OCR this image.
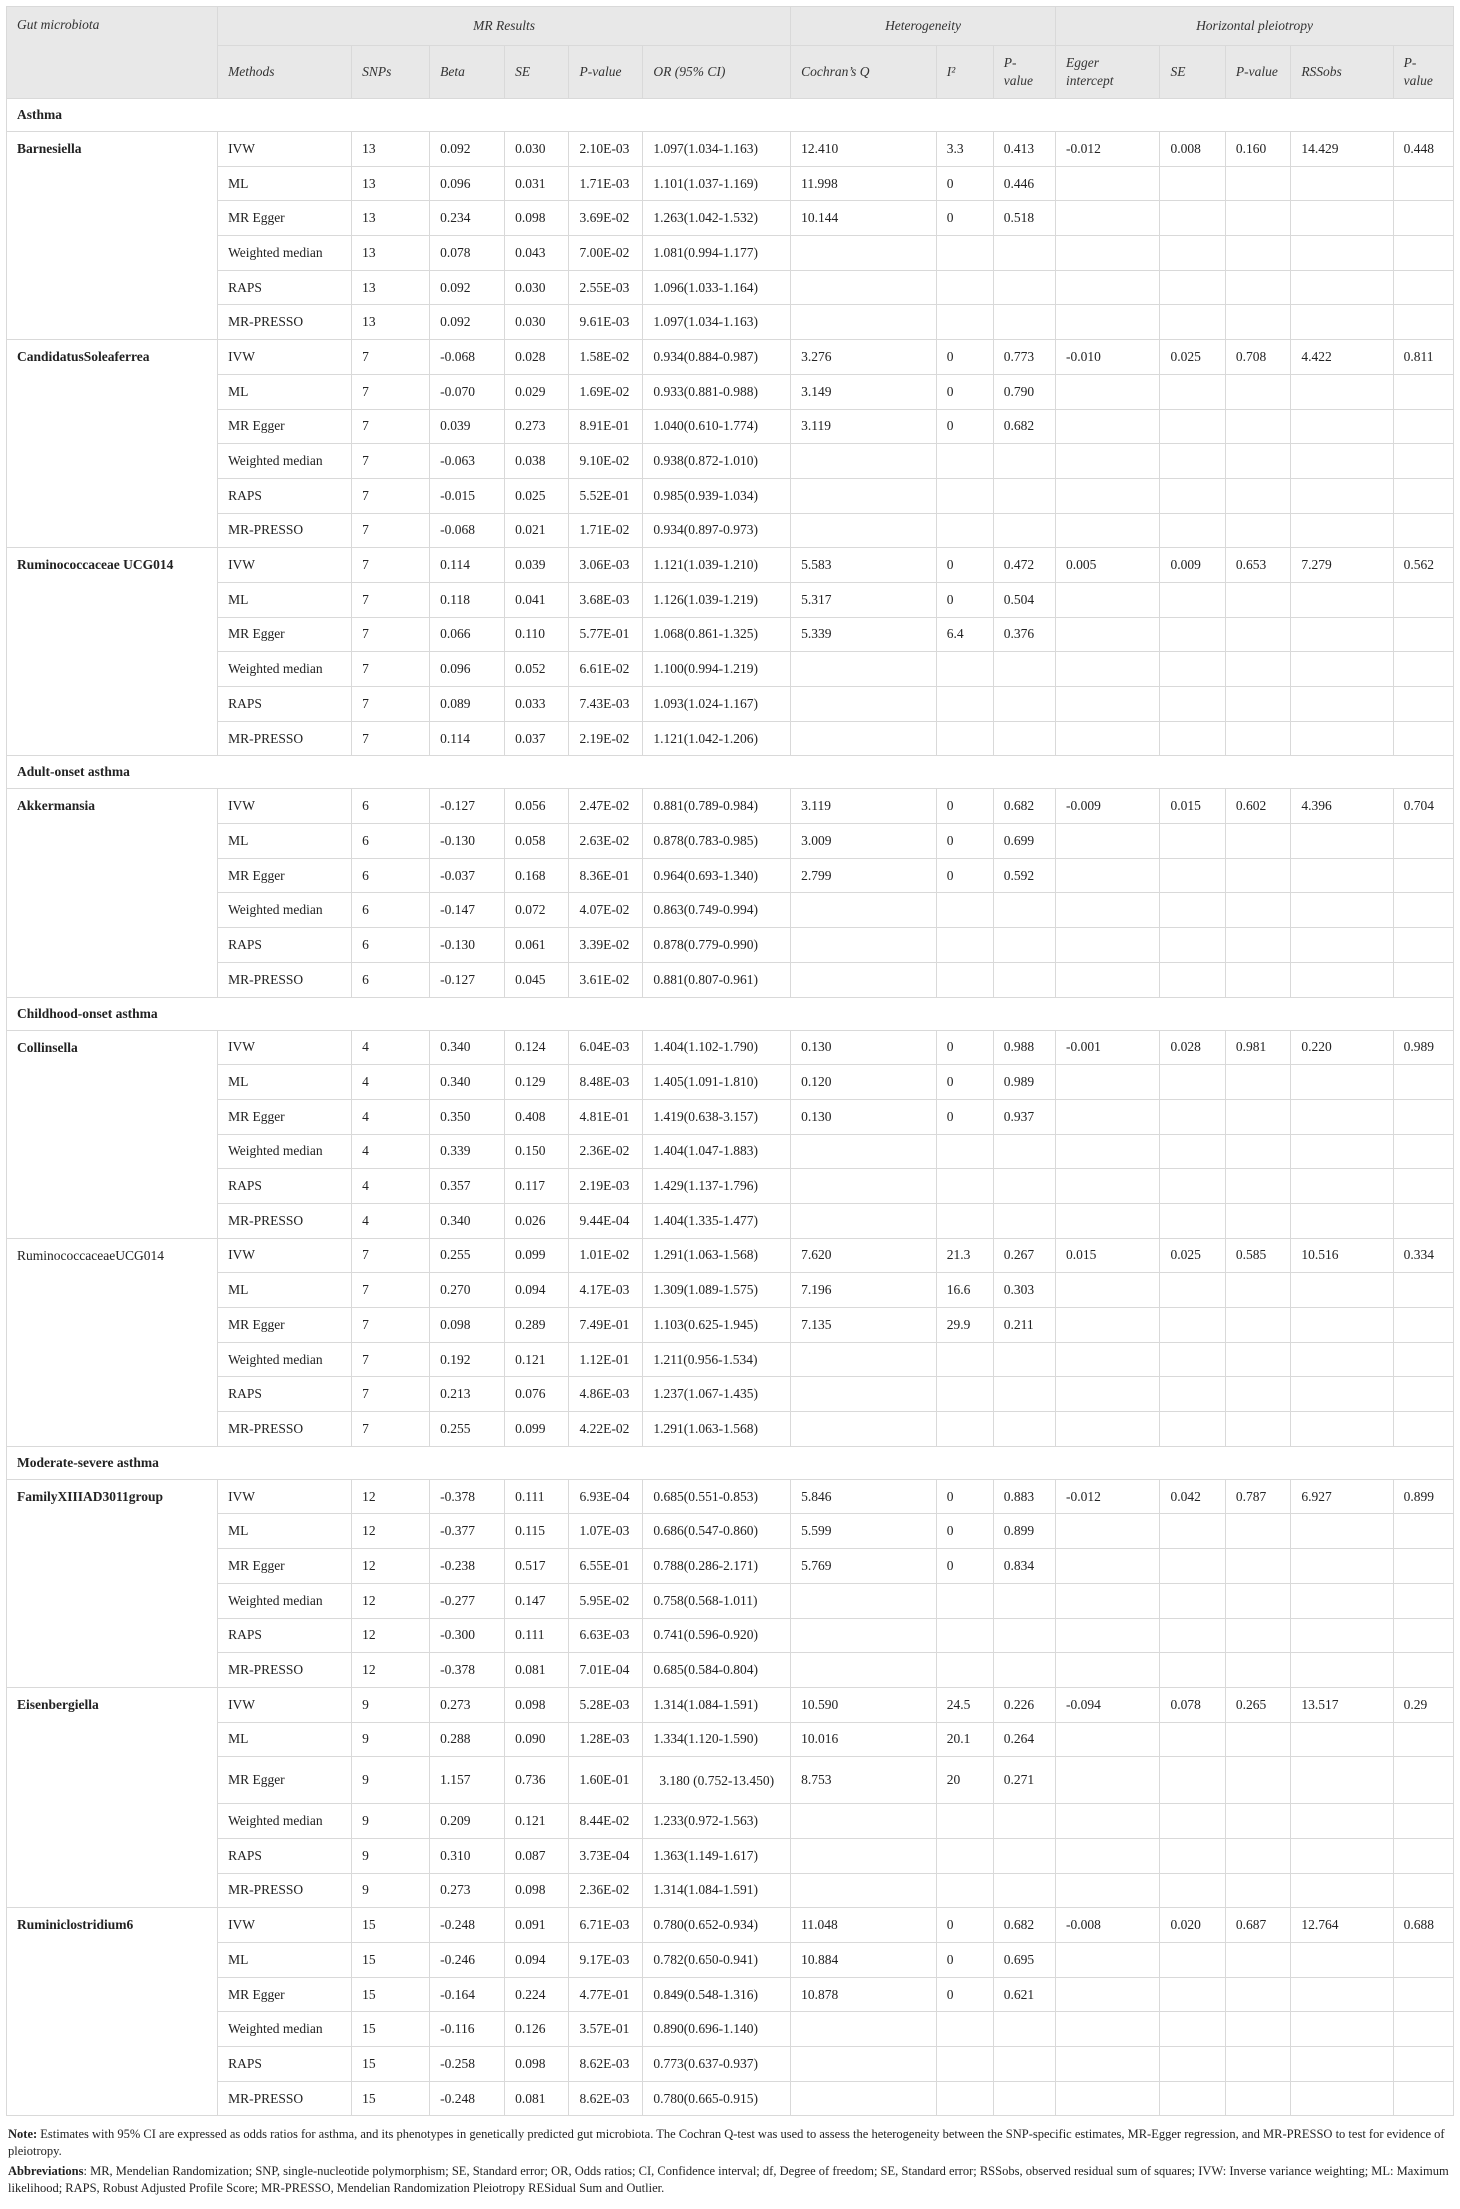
Gut microbiota	MR Results						Heterogeneity			Horizontal pleiotropy				
	Methods	SNPs	Beta	SE	P-value	OR (95% CI)	Cochran’s Q	I²	P-value	Egger intercept	SE	P-value	RSSobs	P-value
Asthma														
Barnesiella	IVW	13	0.092	0.030	2.10E-03	1.097(1.034-1.163)	12.410	3.3	0.413	-0.012	0.008	0.160	14.429	0.448
	ML	13	0.096	0.031	1.71E-03	1.101(1.037-1.169)	11.998	0	0.446					
	MR Egger	13	0.234	0.098	3.69E-02	1.263(1.042-1.532)	10.144	0	0.518					
	Weighted median	13	0.078	0.043	7.00E-02	1.081(0.994-1.177)								
	RAPS	13	0.092	0.030	2.55E-03	1.096(1.033-1.164)								
	MR-PRESSO	13	0.092	0.030	9.61E-03	1.097(1.034-1.163)								
CandidatusSoleaferrea	IVW	7	-0.068	0.028	1.58E-02	0.934(0.884-0.987)	3.276	0	0.773	-0.010	0.025	0.708	4.422	0.811
	ML	7	-0.070	0.029	1.69E-02	0.933(0.881-0.988)	3.149	0	0.790					
	MR Egger	7	0.039	0.273	8.91E-01	1.040(0.610-1.774)	3.119	0	0.682					
	Weighted median	7	-0.063	0.038	9.10E-02	0.938(0.872-1.010)								
	RAPS	7	-0.015	0.025	5.52E-01	0.985(0.939-1.034)								
	MR-PRESSO	7	-0.068	0.021	1.71E-02	0.934(0.897-0.973)								
Ruminococcaceae UCG014	IVW	7	0.114	0.039	3.06E-03	1.121(1.039-1.210)	5.583	0	0.472	0.005	0.009	0.653	7.279	0.562
	ML	7	0.118	0.041	3.68E-03	1.126(1.039-1.219)	5.317	0	0.504					
	MR Egger	7	0.066	0.110	5.77E-01	1.068(0.861-1.325)	5.339	6.4	0.376					
	Weighted median	7	0.096	0.052	6.61E-02	1.100(0.994-1.219)								
	RAPS	7	0.089	0.033	7.43E-03	1.093(1.024-1.167)								
	MR-PRESSO	7	0.114	0.037	2.19E-02	1.121(1.042-1.206)								
Adult-onset asthma														
Akkermansia	IVW	6	-0.127	0.056	2.47E-02	0.881(0.789-0.984)	3.119	0	0.682	-0.009	0.015	0.602	4.396	0.704
	ML	6	-0.130	0.058	2.63E-02	0.878(0.783-0.985)	3.009	0	0.699					
	MR Egger	6	-0.037	0.168	8.36E-01	0.964(0.693-1.340)	2.799	0	0.592					
	Weighted median	6	-0.147	0.072	4.07E-02	0.863(0.749-0.994)								
	RAPS	6	-0.130	0.061	3.39E-02	0.878(0.779-0.990)								
	MR-PRESSO	6	-0.127	0.045	3.61E-02	0.881(0.807-0.961)								
Childhood-onset asthma														
Collinsella	IVW	4	0.340	0.124	6.04E-03	1.404(1.102-1.790)	0.130	0	0.988	-0.001	0.028	0.981	0.220	0.989
	ML	4	0.340	0.129	8.48E-03	1.405(1.091-1.810)	0.120	0	0.989					
	MR Egger	4	0.350	0.408	4.81E-01	1.419(0.638-3.157)	0.130	0	0.937					
	Weighted median	4	0.339	0.150	2.36E-02	1.404(1.047-1.883)								
	RAPS	4	0.357	0.117	2.19E-03	1.429(1.137-1.796)								
	MR-PRESSO	4	0.340	0.026	9.44E-04	1.404(1.335-1.477)								
RuminococcaceaeUCG014	IVW	7	0.255	0.099	1.01E-02	1.291(1.063-1.568)	7.620	21.3	0.267	0.015	0.025	0.585	10.516	0.334
	ML	7	0.270	0.094	4.17E-03	1.309(1.089-1.575)	7.196	16.6	0.303					
	MR Egger	7	0.098	0.289	7.49E-01	1.103(0.625-1.945)	7.135	29.9	0.211					
	Weighted median	7	0.192	0.121	1.12E-01	1.211(0.956-1.534)								
	RAPS	7	0.213	0.076	4.86E-03	1.237(1.067-1.435)								
	MR-PRESSO	7	0.255	0.099	4.22E-02	1.291(1.063-1.568)								
Moderate-severe asthma														
FamilyXIIIAD3011group	IVW	12	-0.378	0.111	6.93E-04	0.685(0.551-0.853)	5.846	0	0.883	-0.012	0.042	0.787	6.927	0.899
	ML	12	-0.377	0.115	1.07E-03	0.686(0.547-0.860)	5.599	0	0.899					
	MR Egger	12	-0.238	0.517	6.55E-01	0.788(0.286-2.171)	5.769	0	0.834					
	Weighted median	12	-0.277	0.147	5.95E-02	0.758(0.568-1.011)								
	RAPS	12	-0.300	0.111	6.63E-03	0.741(0.596-0.920)								
	MR-PRESSO	12	-0.378	0.081	7.01E-04	0.685(0.584-0.804)								
Eisenbergiella	IVW	9	0.273	0.098	5.28E-03	1.314(1.084-1.591)	10.590	24.5	0.226	-0.094	0.078	0.265	13.517	0.29
	ML	9	0.288	0.090	1.28E-03	1.334(1.120-1.590)	10.016	20.1	0.264					
	MR Egger	9	1.157	0.736	1.60E-01	3.180 (0.752-13.450)	8.753	20	0.271					
	Weighted median	9	0.209	0.121	8.44E-02	1.233(0.972-1.563)								
	RAPS	9	0.310	0.087	3.73E-04	1.363(1.149-1.617)								
	MR-PRESSO	9	0.273	0.098	2.36E-02	1.314(1.084-1.591)								
Ruminiclostridium6	IVW	15	-0.248	0.091	6.71E-03	0.780(0.652-0.934)	11.048	0	0.682	-0.008	0.020	0.687	12.764	0.688
	ML	15	-0.246	0.094	9.17E-03	0.782(0.650-0.941)	10.884	0	0.695					
	MR Egger	15	-0.164	0.224	4.77E-01	0.849(0.548-1.316)	10.878	0	0.621					
	Weighted median	15	-0.116	0.126	3.57E-01	0.890(0.696-1.140)								
	RAPS	15	-0.258	0.098	8.62E-03	0.773(0.637-0.937)								
	MR-PRESSO	15	-0.248	0.081	8.62E-03	0.780(0.665-0.915)								

Note: Estimates with 95% CI are expressed as odds ratios for asthma, and its phenotypes in genetically predicted gut microbiota. The Cochran Q-test was used to assess the heterogeneity between the SNP-specific estimates, MR-Egger regression, and MR-PRESSO to test for evidence of pleiotropy.

Abbreviations: MR, Mendelian Randomization; SNP, single-nucleotide polymorphism; SE, Standard error; OR, Odds ratios; CI, Confidence interval; df, Degree of freedom; SE, Standard error; RSSobs, observed residual sum of squares; IVW: Inverse variance weighting; ML: Maximum likelihood; RAPS, Robust Adjusted Profile Score; MR-PRESSO, Mendelian Randomization Pleiotropy RESidual Sum and Outlier.
